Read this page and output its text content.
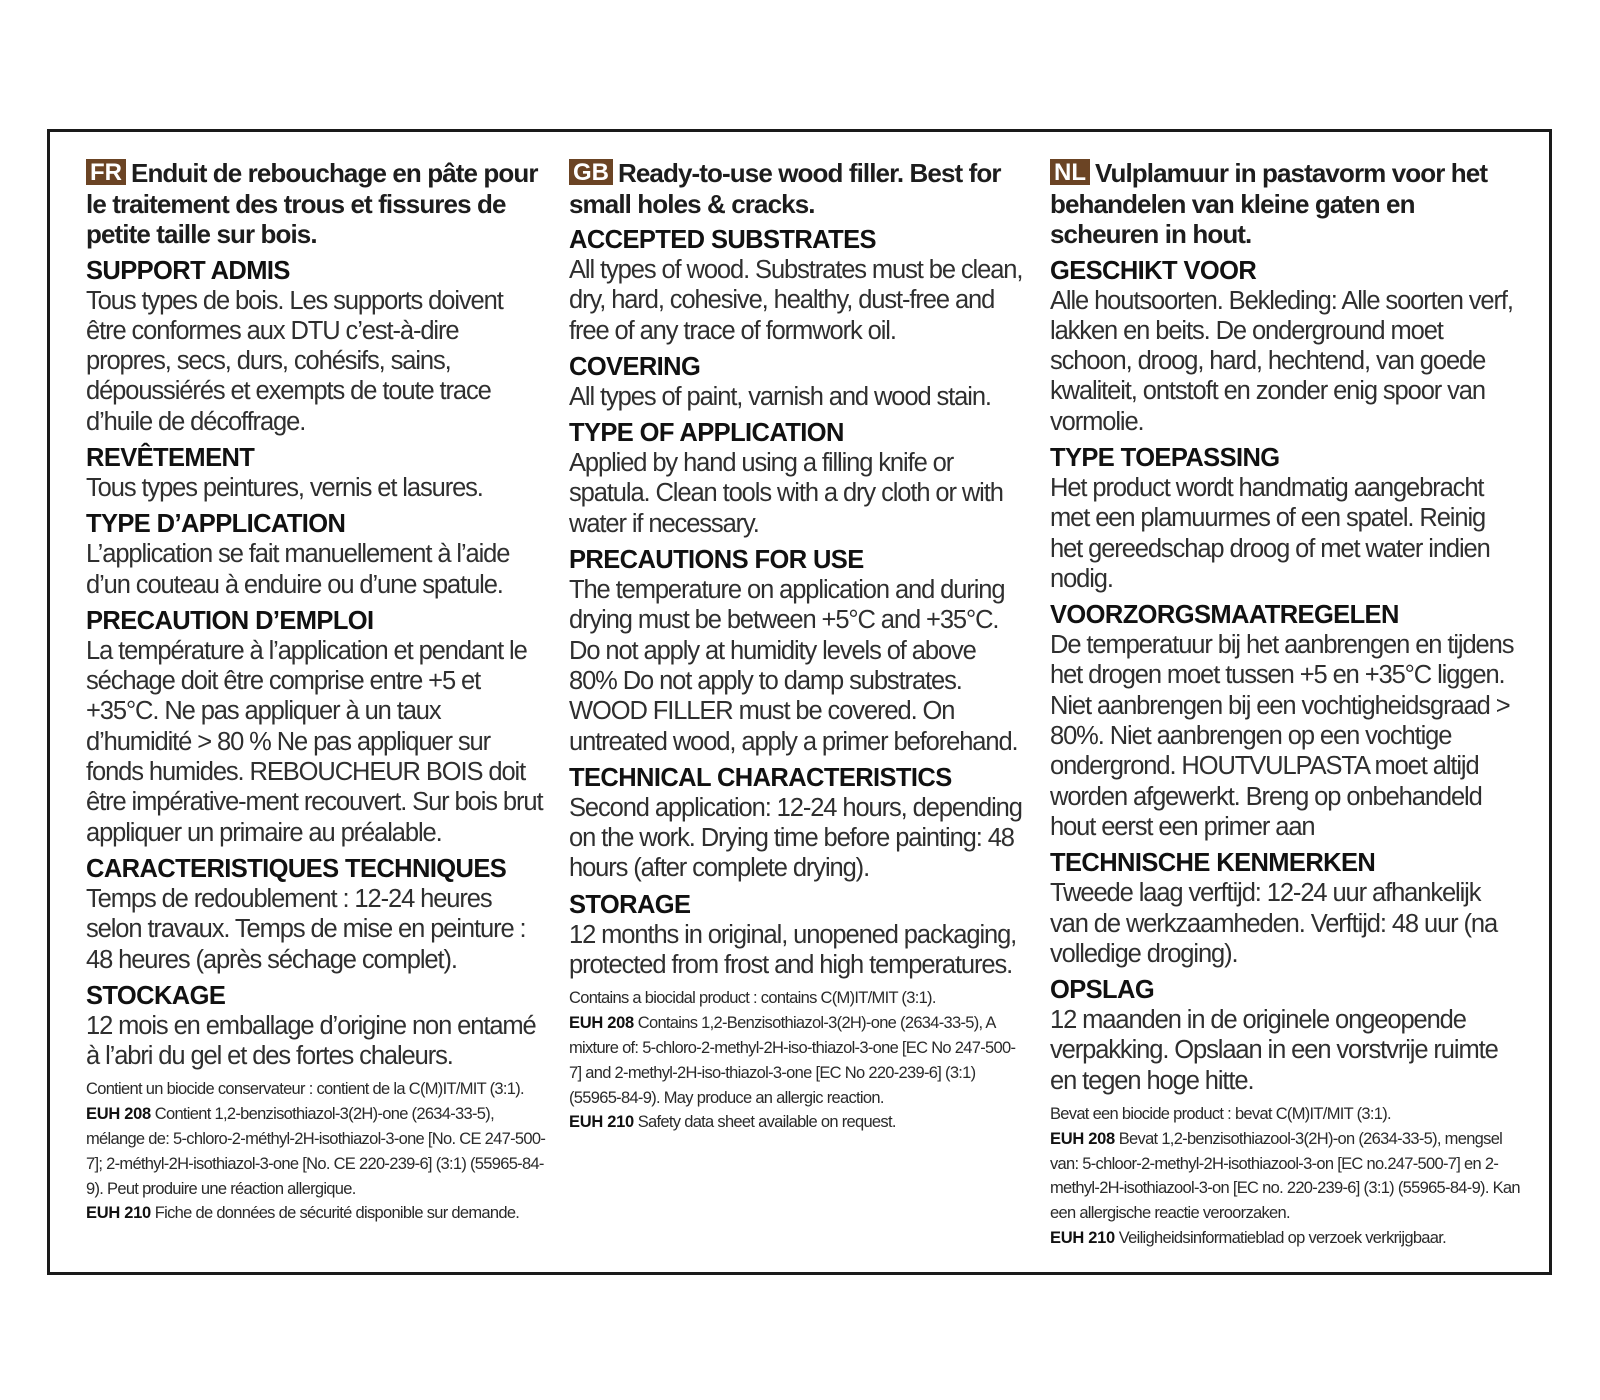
FR Enduit de rebouchage en pâte pour le traitement des trous et fissures de petite taille sur bois.
SUPPORT ADMIS
Tous types de bois. Les supports doivent être conformes aux DTU c’est-à-dire propres, secs, durs, cohésifs, sains, dépoussiérés et exempts de toute trace d’huile de décoffrage.
REVÊTEMENT
Tous types peintures, vernis et lasures.
TYPE D’APPLICATION
L’application se fait manuellement à l’aide d’un couteau à enduire ou d’une spatule.
PRECAUTION D’EMPLOI
La température à l’application et pendant le séchage doit être comprise entre +5 et +35°C. Ne pas appliquer à un taux d’humidité > 80 % Ne pas appliquer sur fonds humides. REBOUCHEUR BOIS doit être impérative-ment recouvert. Sur bois brut appliquer un primaire au préalable.
CARACTERISTIQUES TECHNIQUES
Temps de redoublement : 12-24 heures selon travaux. Temps de mise en peinture : 48 heures (après séchage complet).
STOCKAGE
12 mois en emballage d’origine non entamé à l’abri du gel et des fortes chaleurs.

Contient un biocide conservateur : contient de la C(M)IT/MIT (3:1).

EUH 208 Contient 1,2-benzisothiazol-3(2H)-one (2634-33-5), mélange de: 5-chloro-2-méthyl-2H-isothiazol-3-one [No. CE 247-500-7]; 2-méthyl-2H-isothiazol-3-one [No. CE 220-239-6] (3:1) (55965-84-9). Peut produire une réaction allergique.

EUH 210 Fiche de données de sécurité disponible sur demande.

GB Ready-to-use wood filler. Best for small holes & cracks.
ACCEPTED SUBSTRATES
All types of wood. Substrates must be clean, dry, hard, cohesive, healthy, dust-free and free of any trace of formwork oil.
COVERING
All types of paint, varnish and wood stain.
TYPE OF APPLICATION
Applied by hand using a filling knife or spatula. Clean tools with a dry cloth or with water if necessary.
PRECAUTIONS FOR USE
The temperature on application and during drying must be between +5°C and +35°C. Do not apply at humidity levels of above 80% Do not apply to damp substrates. WOOD FILLER must be covered. On untreated wood, apply a primer beforehand.
TECHNICAL CHARACTERISTICS
Second application: 12-24 hours, depending on the work. Drying time before painting: 48 hours (after complete drying).
STORAGE
12 months in original, unopened packaging, protected from frost and high temperatures.

Contains a biocidal product : contains C(M)IT/MIT (3:1).

EUH 208 Contains 1,2-Benzisothiazol-3(2H)-one (2634-33-5), A mixture of: 5-chloro-2-methyl-2H-iso-thiazol-3-one [EC No 247-500-7] and 2-methyl-2H-iso-thiazol-3-one [EC No 220-239-6] (3:1) (55965-84-9). May produce an allergic reaction.

EUH 210 Safety data sheet available on request.

NL Vulplamuur in pastavorm voor het behandelen van kleine gaten en scheuren in hout.
GESCHIKT VOOR
Alle houtsoorten. Bekleding: Alle soorten verf, lakken en beits. De onderground moet schoon, droog, hard, hechtend, van goede kwaliteit, ontstoft en zonder enig spoor van vormolie.
TYPE TOEPASSING
Het product wordt handmatig aangebracht met een plamuurmes of een spatel. Reinig het gereedschap droog of met water indien nodig.
VOORZORGSMAATREGELEN
De temperatuur bij het aanbrengen en tijdens het drogen moet tussen +5 en +35°C liggen. Niet aanbrengen bij een vochtigheidsgraad > 80%. Niet aanbrengen op een vochtige ondergrond. HOUTVULPASTA moet altijd worden afgewerkt. Breng op onbehandeld hout eerst een primer aan
TECHNISCHE KENMERKEN
Tweede laag verftijd: 12-24 uur afhankelijk van de werkzaamheden. Verftijd: 48 uur (na volledige droging).
OPSLAG
12 maanden in de originele ongeopende verpakking. Opslaan in een vorstvrije ruimte en tegen hoge hitte.

Bevat een biocide product : bevat C(M)IT/MIT (3:1).

EUH 208 Bevat 1,2-benzisothiazool-3(2H)-on (2634-33-5), mengsel van: 5-chloor-2-methyl-2H-isothiazool-3-on [EC no.247-500-7] en 2-methyl-2H-isothiazool-3-on [EC no. 220-239-6] (3:1) (55965-84-9). Kan een allergische reactie veroorzaken.

EUH 210 Veiligheidsinformatieblad op verzoek verkrijgbaar.
